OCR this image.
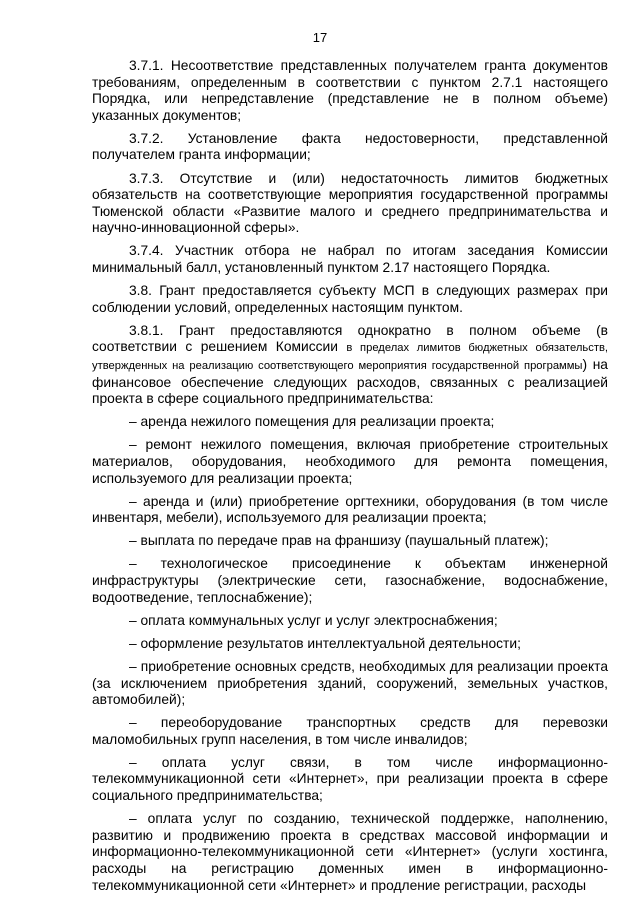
17

3.7.1. Несоответствие представленных получателем гранта документов требованиям, определенным в соответствии с пунктом 2.7.1 настоящего Порядка, или непредставление (представление не в полном объеме) указанных документов;

3.7.2. Установление факта недостоверности, представленной получателем гранта информации;

3.7.3. Отсутствие и (или) недостаточность лимитов бюджетных обязательств на соответствующие мероприятия государственной программы Тюменской области «Развитие малого и среднего предпринимательства и научно-инновационной сферы».

3.7.4. Участник отбора не набрал по итогам заседания Комиссии минимальный балл, установленный пунктом 2.17 настоящего Порядка.

3.8. Грант предоставляется субъекту МСП в следующих размерах при соблюдении условий, определенных настоящим пунктом.

3.8.1. Грант предоставляются однократно в полном объеме (в соответствии с решением Комиссии в пределах лимитов бюджетных обязательств, утвержденных на реализацию соответствующего мероприятия государственной программы) на финансовое обеспечение следующих расходов, связанных с реализацией проекта в сфере социального предпринимательства:

– аренда нежилого помещения для реализации проекта;

– ремонт нежилого помещения, включая приобретение строительных материалов, оборудования, необходимого для ремонта помещения, используемого для реализации проекта;

– аренда и (или) приобретение оргтехники, оборудования (в том числе инвентаря, мебели), используемого для реализации проекта;

– выплата по передаче прав на франшизу (паушальный платеж);

– технологическое присоединение к объектам инженерной инфраструктуры (электрические сети, газоснабжение, водоснабжение, водоотведение, теплоснабжение);

– оплата коммунальных услуг и услуг электроснабжения;

– оформление результатов интеллектуальной деятельности;

– приобретение основных средств, необходимых для реализации проекта (за исключением приобретения зданий, сооружений, земельных участков, автомобилей);

– переоборудование транспортных средств для перевозки маломобильных групп населения, в том числе инвалидов;

– оплата услуг связи, в том числе информационно-телекоммуникационной сети «Интернет», при реализации проекта в сфере социального предпринимательства;

– оплата услуг по созданию, технической поддержке, наполнению, развитию и продвижению проекта в средствах массовой информации и информационно-телекоммуникационной сети «Интернет» (услуги хостинга, расходы на регистрацию доменных имен в информационно-телекоммуникационной сети «Интернет» и продление регистрации, расходы
